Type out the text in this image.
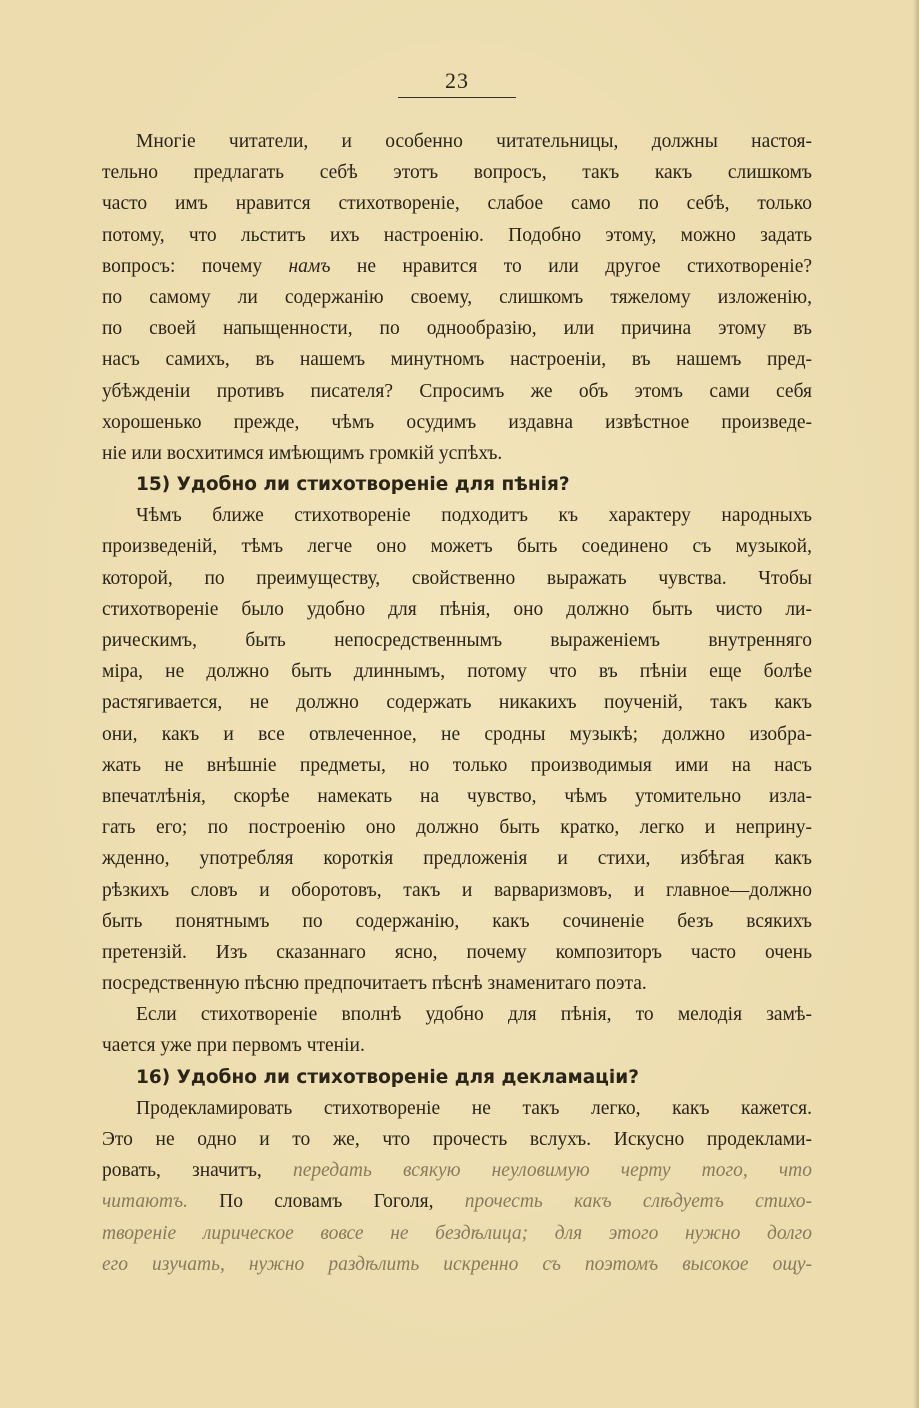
23
Многіе читатели, и особенно читательницы, должны настоя-
тельно предлагать себѣ этотъ вопросъ, такъ какъ слишкомъ
часто имъ нравится стихотвореніе, слабое само по себѣ, только
потому, что льститъ ихъ настроенію. Подобно этому, можно задать
вопросъ: почему намъ не нравится то или другое стихотвореніе?
по самому ли содержанію своему, слишкомъ тяжелому изложенію,
по своей напыщенности, по однообразію, или причина этому въ
насъ самихъ, въ нашемъ минутномъ настроеніи, въ нашемъ пред-
убѣжденіи противъ писателя? Спросимъ же объ этомъ сами себя
хорошенько прежде, чѣмъ осудимъ издавна извѣстное произведе-
ніе или восхитимся имѣющимъ громкій успѣхъ.
15) Удобно ли стихотвореніе для пѣнія?
Чѣмъ ближе стихотвореніе подходитъ къ характеру народныхъ
произведеній, тѣмъ легче оно можетъ быть соединено съ музыкой,
которой, по преимуществу, свойственно выражать чувства. Чтобы
стихотвореніе было удобно для пѣнія, оно должно быть чисто ли-
рическимъ, быть непосредственнымъ выраженіемъ внутренняго
міра, не должно быть длиннымъ, потому что въ пѣніи еще болѣе
растягивается, не должно содержать никакихъ поученій, такъ какъ
они, какъ и все отвлеченное, не сродны музыкѣ; должно изобра-
жать не внѣшніе предметы, но только производимыя ими на насъ
впечатлѣнія, скорѣе намекать на чувство, чѣмъ утомительно изла-
гать его; по построенію оно должно быть кратко, легко и неприну-
жденно, употребляя короткія предложенія и стихи, избѣгая какъ
рѣзкихъ словъ и оборотовъ, такъ и варваризмовъ, и главное—должно
быть понятнымъ по содержанію, какъ сочиненіе безъ всякихъ
претензій. Изъ сказаннаго ясно, почему композиторъ часто очень
посредственную пѣсню предпочитаетъ пѣснѣ знаменитаго поэта.
Если стихотвореніе вполнѣ удобно для пѣнія, то мелодія замѣ-
чается уже при первомъ чтеніи.
16) Удобно ли стихотвореніе для декламаціи?
Продекламировать стихотвореніе не такъ легко, какъ кажется.
Это не одно и то же, что прочесть вслухъ. Искусно продеклами-
ровать, значитъ, передать всякую неуловимую черту того, что
читаютъ. По словамъ Гоголя, прочесть какъ слѣдуетъ стихо-
твореніе лирическое вовсе не бездѣлица; для этого нужно долго
его изучать, нужно раздѣлить искренно съ поэтомъ высокое ощу-
